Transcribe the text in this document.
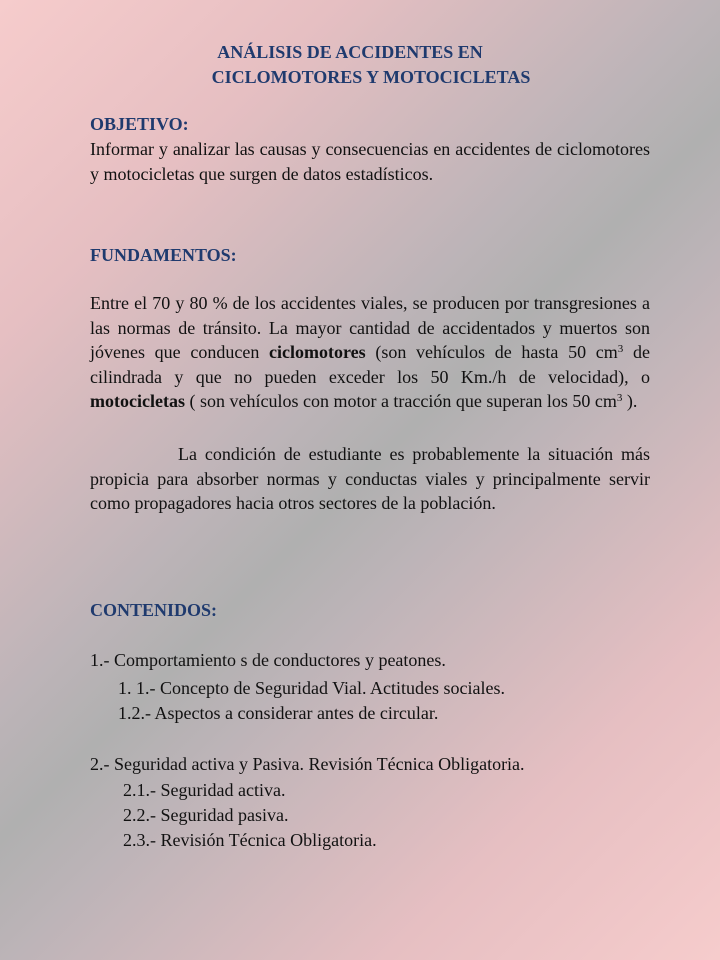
ANÁLISIS DE ACCIDENTES EN
CICLOMOTORES Y MOTOCICLETAS
OBJETIVO:
Informar y analizar las causas y consecuencias en accidentes de ciclomotores y motocicletas que surgen de datos estadísticos.
FUNDAMENTOS:
Entre el 70 y 80 % de los accidentes viales, se producen por transgresiones a las normas de tránsito. La mayor cantidad de accidentados y muertos son jóvenes que conducen ciclomotores (son vehículos de hasta 50 $cm^3$ de cilindrada y que no pueden exceder los 50 Km./h de velocidad), o motocicletas ( son vehículos con motor a tracción que superan los 50 $cm^3$ ).
La condición de estudiante es probablemente la situación más propicia para absorber normas y conductas viales y principalmente servir como propagadores hacia otros sectores de la población.
CONTENIDOS:
1.- Comportamiento s de conductores y peatones.
1. 1.- Concepto de Seguridad Vial. Actitudes sociales.
1.2.- Aspectos a considerar antes de circular.
2.- Seguridad activa y Pasiva. Revisión Técnica Obligatoria.
2.1.- Seguridad activa.
2.2.- Seguridad pasiva.
2.3.- Revisión Técnica Obligatoria.
